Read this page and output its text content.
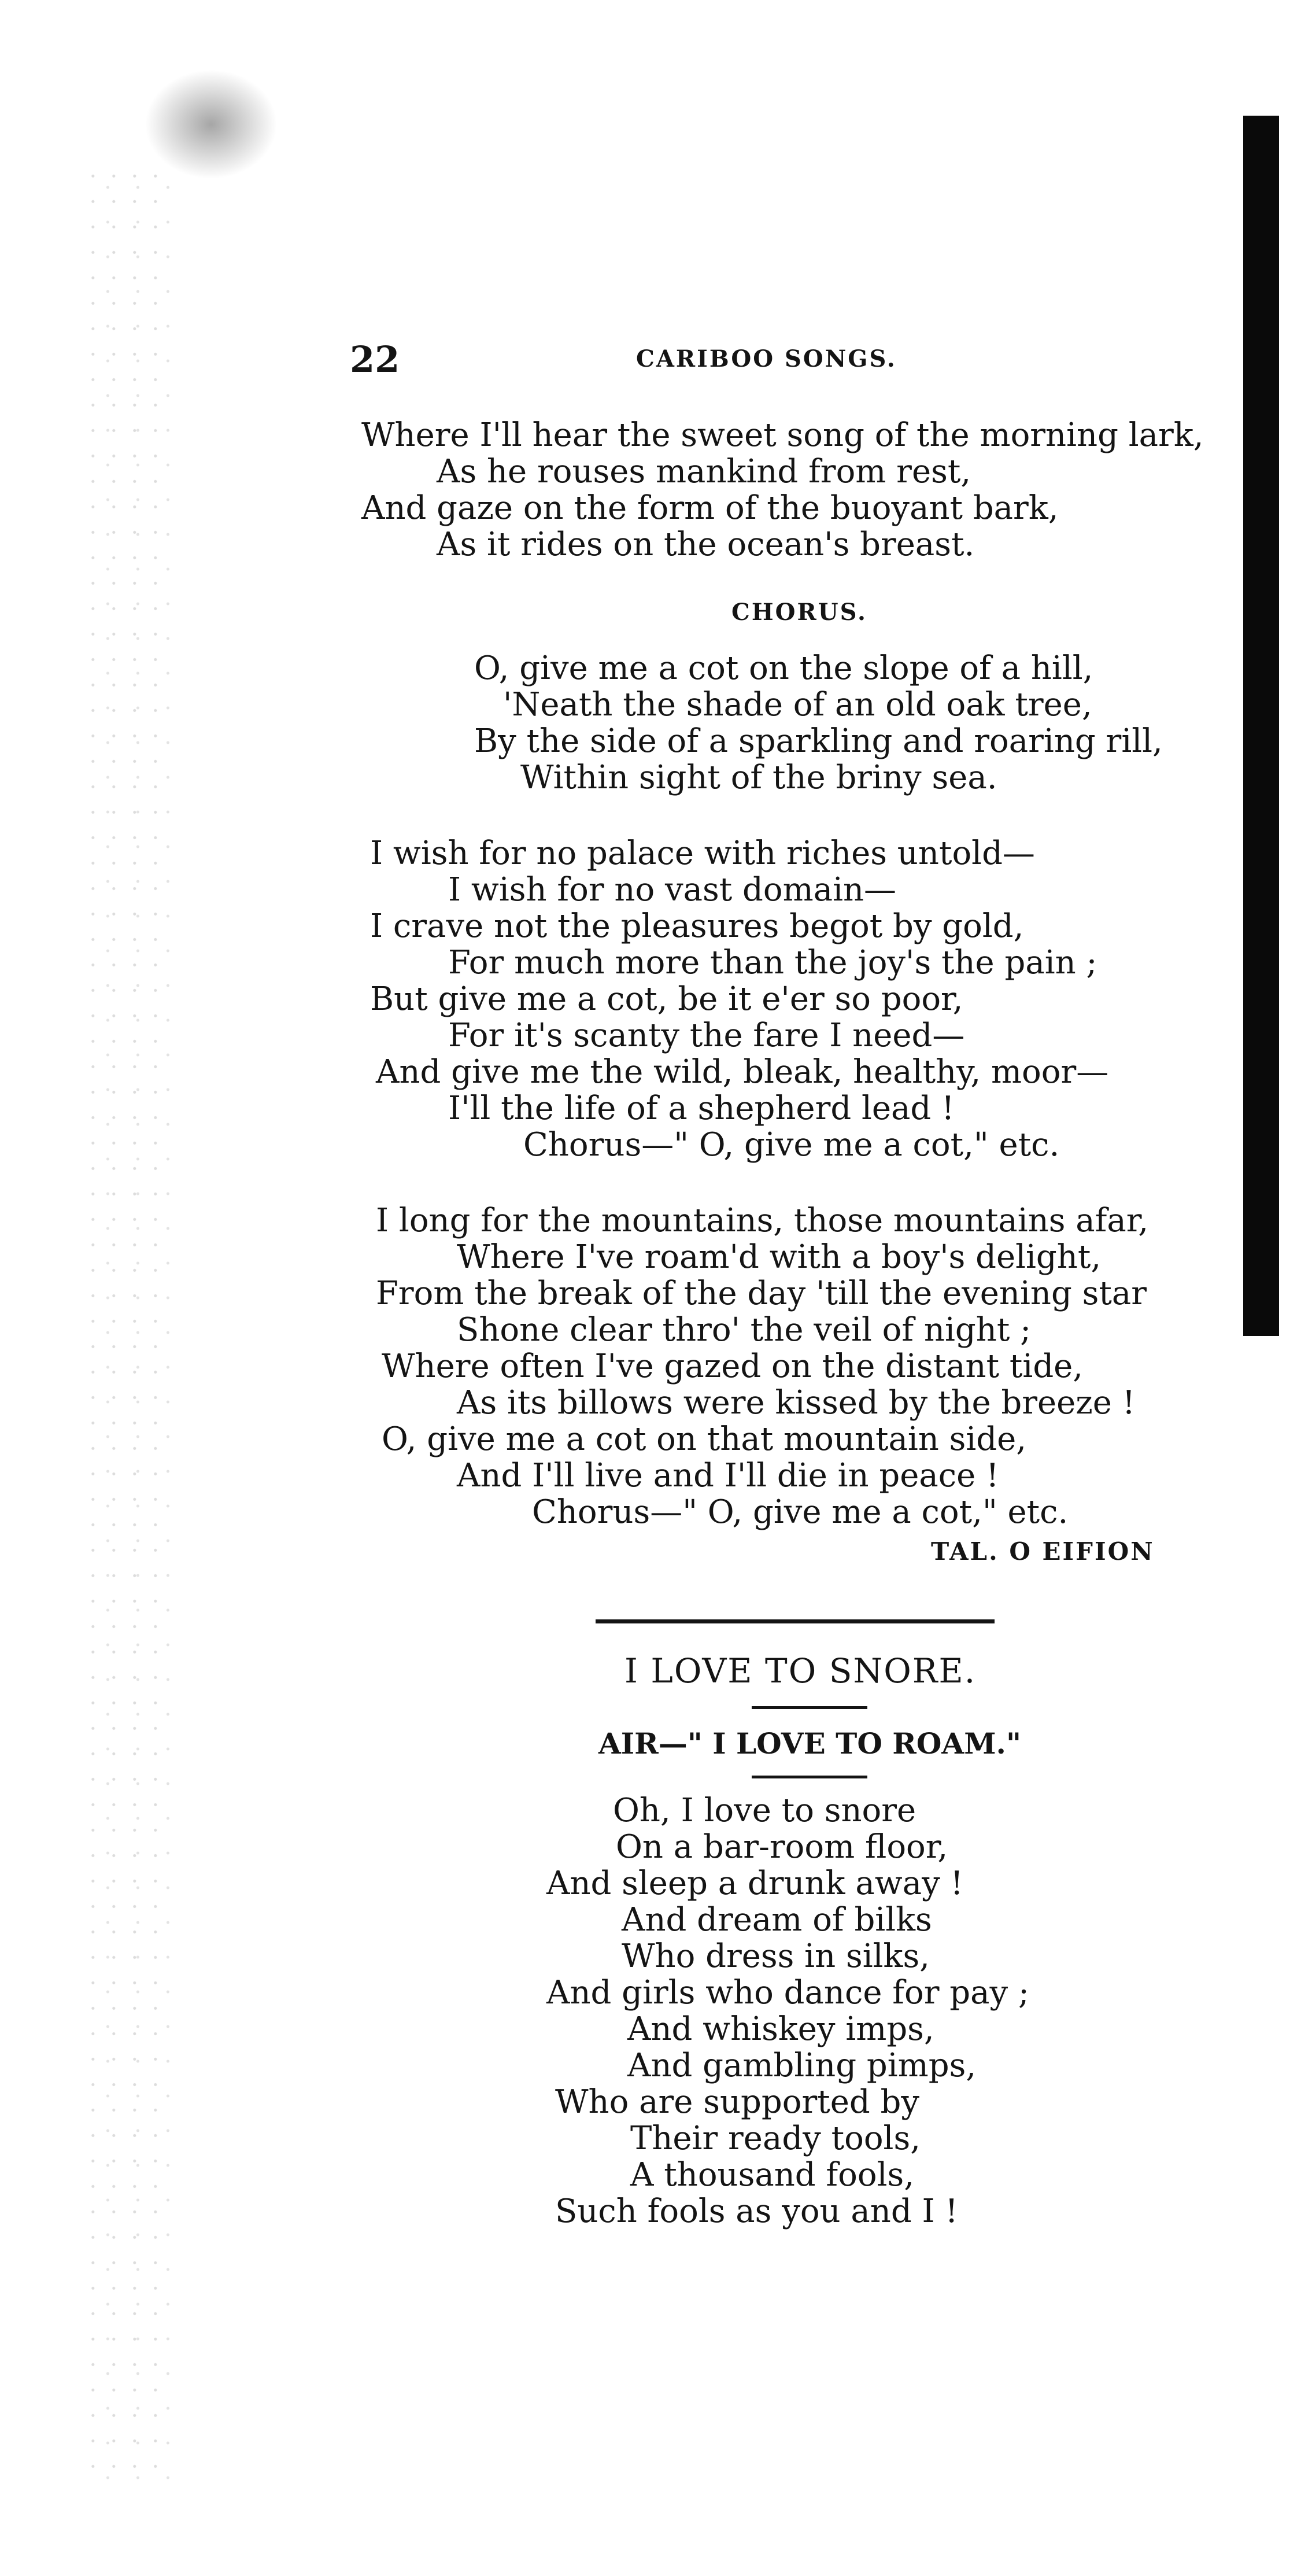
22	CARIBOO SONGS.
Where I'll hear the sweet song of the morning lark,
As he rouses mankind from rest,
And gaze on the form of the buoyant bark,
As it rides on the ocean's breast.
CHORUS.
O, give me a cot on the slope of a hill,
'Neath the shade of an old oak tree,
By the side of a sparkling and roaring rill,
Within sight of the briny sea.
I wish for no palace with riches untold—
I wish for no vast domain—
I crave not the pleasures begot by gold,
For much more than the joy's the pain ;
But give me a cot, be it e'er so poor,
For it's scanty the fare I need—
And give me the wild, bleak, healthy, moor—
I'll the life of a shepherd lead !
Chorus—" O, give me a cot," etc.
I long for the mountains, those mountains afar,
Where I've roam'd with a boy's delight,
From the break of the day 'till the evening star
Shone clear thro' the veil of night ;
Where often I've gazed on the distant tide,
As its billows were kissed by the breeze !
O, give me a cot on that mountain side,
And I'll live and I'll die in peace !
Chorus—" O, give me a cot," etc.
TAL. O EIFION
I LOVE TO SNORE.
AIR—" I LOVE TO ROAM."
Oh, I love to snore
On a bar-room floor,
And sleep a drunk away !
And dream of bilks
Who dress in silks,
And girls who dance for pay ;
And whiskey imps,
And gambling pimps,
Who are supported by
Their ready tools,
A thousand fools,
Such fools as you and I !
